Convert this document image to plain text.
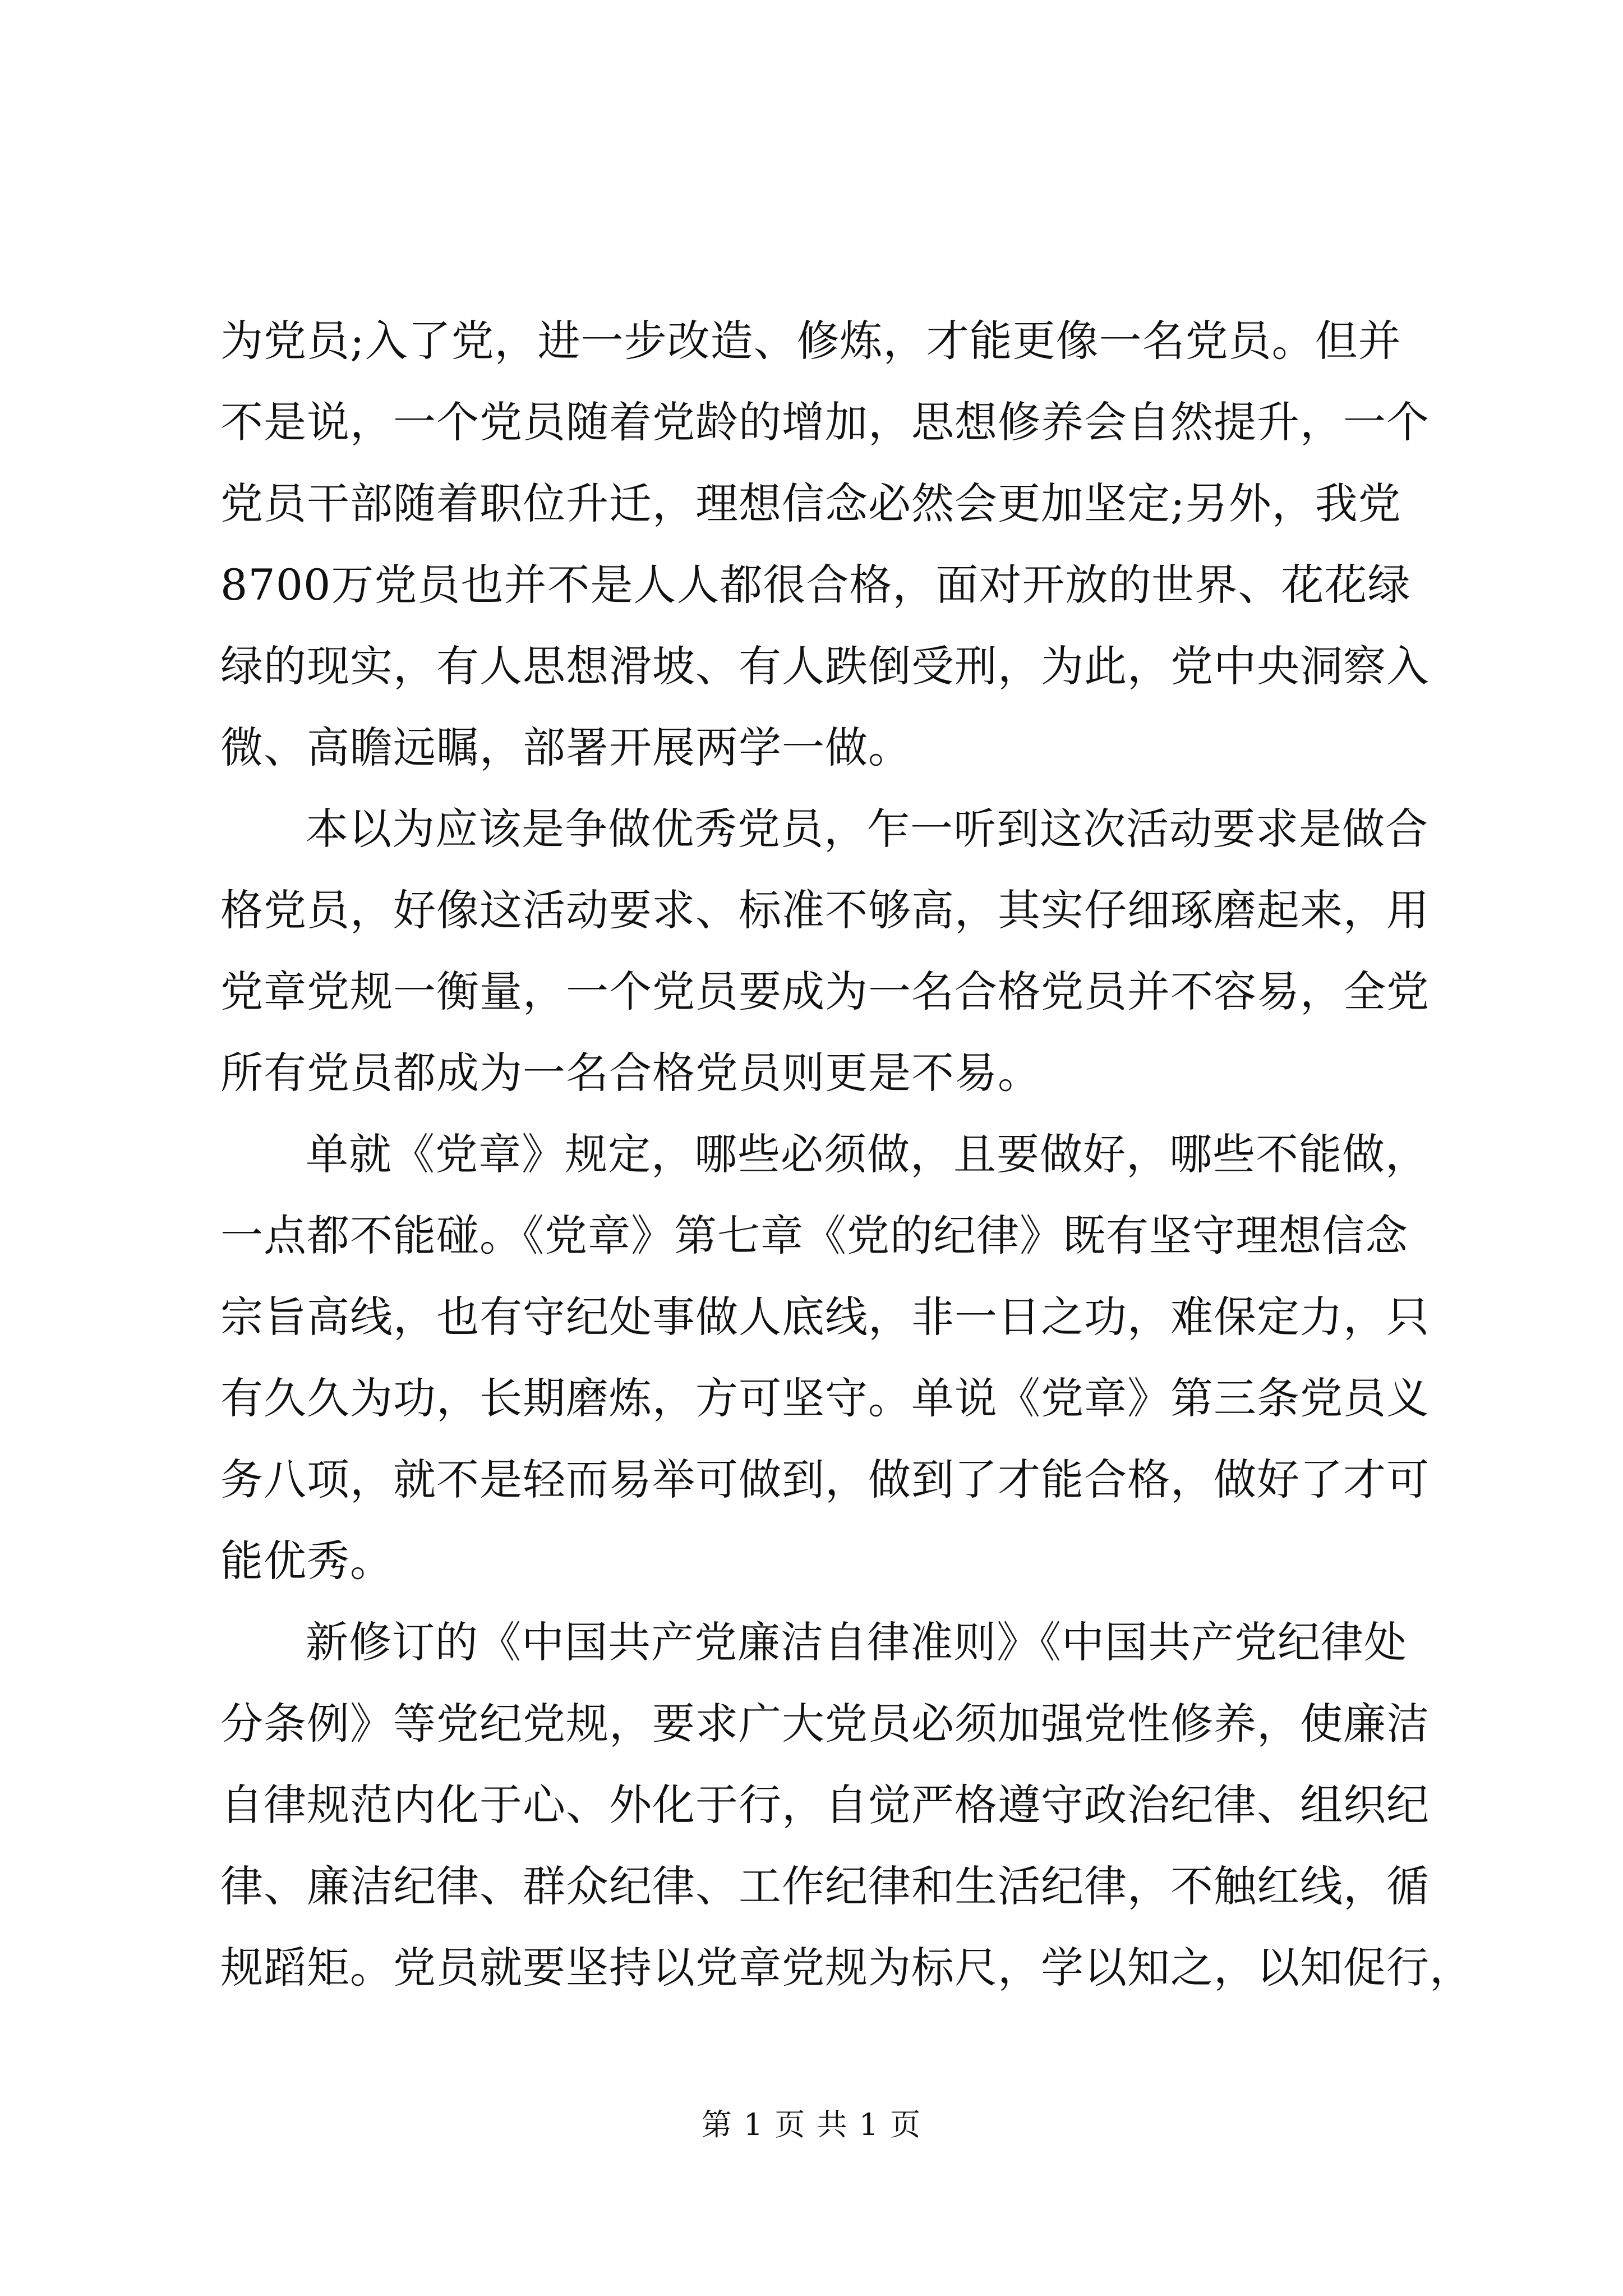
为党员;入了党，进一步改造、修炼，才能更像一名党员。但并
不是说，一个党员随着党龄的增加，思想修养会自然提升，一个
党员干部随着职位升迁，理想信念必然会更加坚定;另外，我党
8700万党员也并不是人人都很合格，面对开放的世界、花花绿
绿的现实，有人思想滑坡、有人跌倒受刑，为此，党中央洞察入
微、高瞻远瞩，部署开展两学一做。
本以为应该是争做优秀党员，乍一听到这次活动要求是做合
格党员，好像这活动要求、标准不够高，其实仔细琢磨起来，用
党章党规一衡量，一个党员要成为一名合格党员并不容易，全党
所有党员都成为一名合格党员则更是不易。
单就《党章》规定，哪些必须做，且要做好，哪些不能做，
一点都不能碰。《党章》第七章《党的纪律》既有坚守理想信念
宗旨高线，也有守纪处事做人底线，非一日之功，难保定力，只
有久久为功，长期磨炼，方可坚守。单说《党章》第三条党员义
务八项，就不是轻而易举可做到，做到了才能合格，做好了才可
能优秀。
新修订的《中国共产党廉洁自律准则》《中国共产党纪律处
分条例》等党纪党规，要求广大党员必须加强党性修养，使廉洁
自律规范内化于心、外化于行，自觉严格遵守政治纪律、组织纪
律、廉洁纪律、群众纪律、工作纪律和生活纪律，不触红线，循
规蹈矩。党员就要坚持以党章党规为标尺，学以知之，以知促行，
第 1 页 共 1 页
